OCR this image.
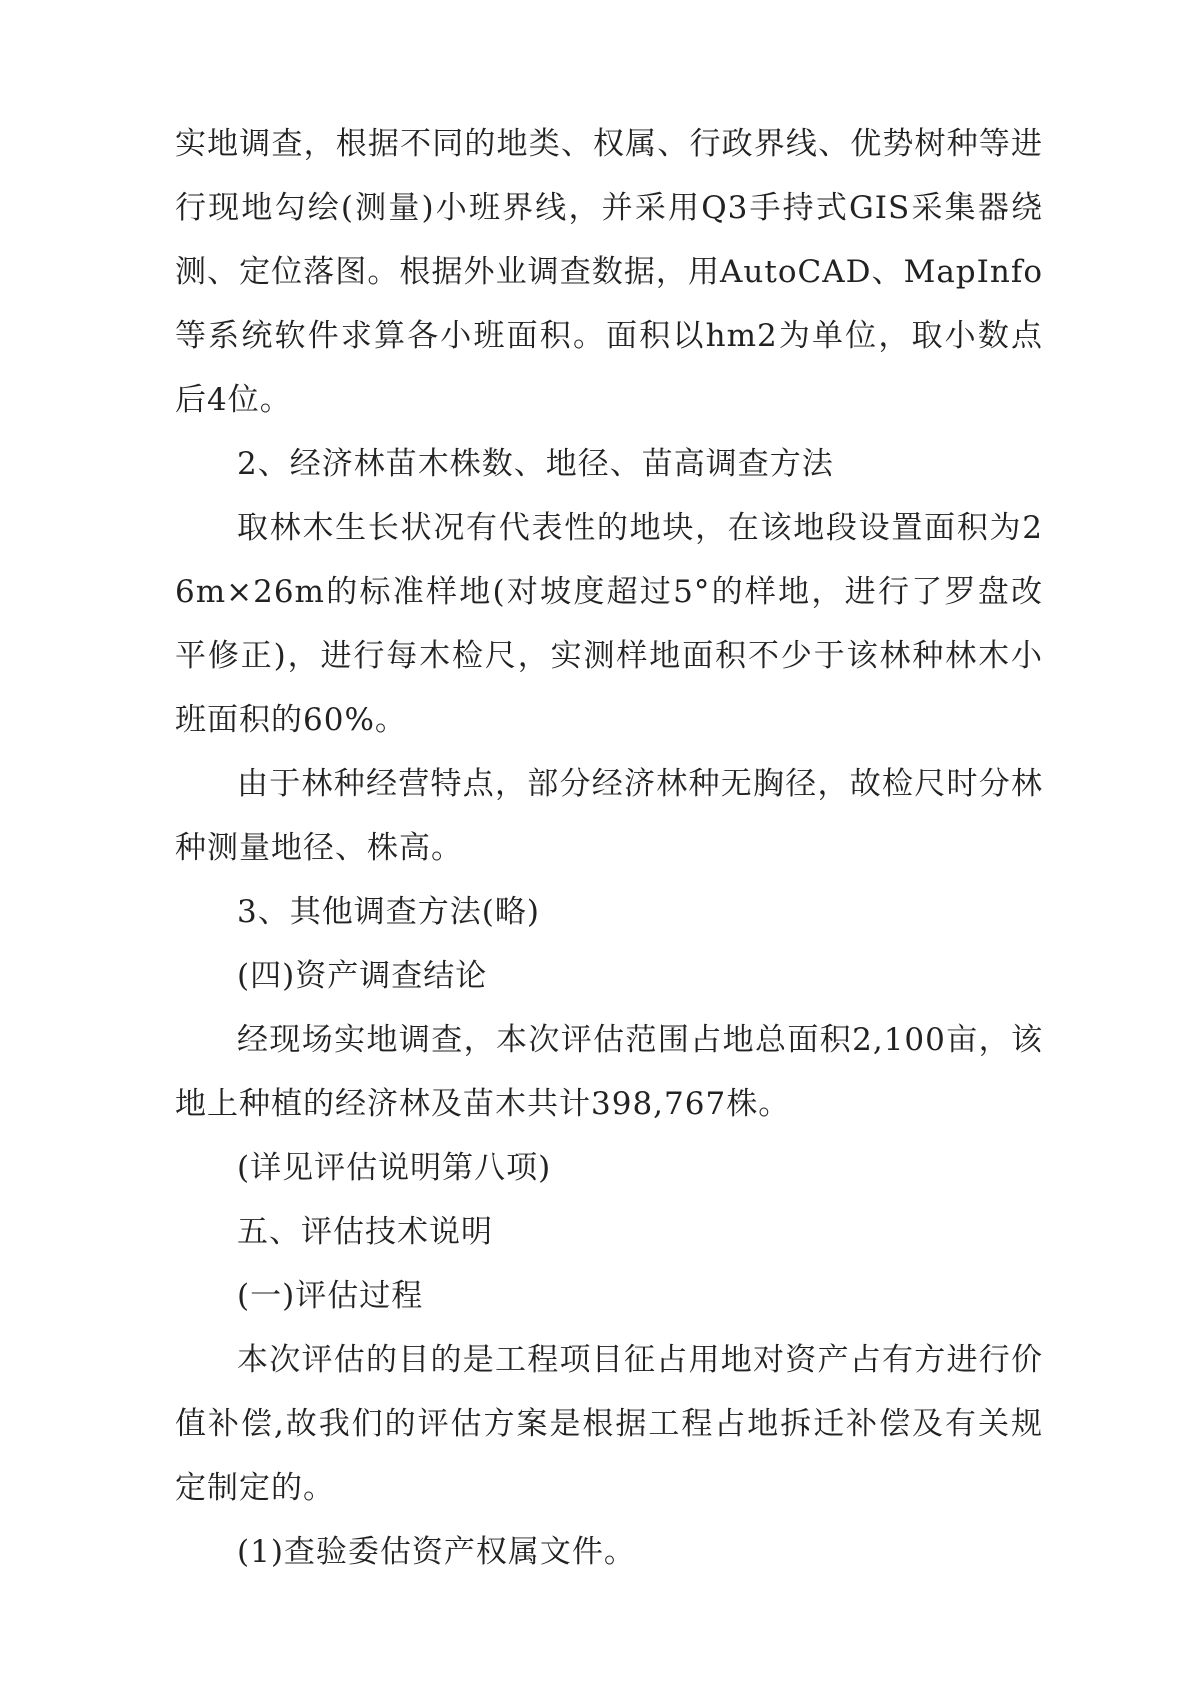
实地调查，根据不同的地类、权属、行政界线、优势树种等进行现地勾绘(测量)小班界线，并采用Q3手持式GIS采集器绕测、定位落图。根据外业调查数据，用AutoCAD、MapInfo等系统软件求算各小班面积。面积以hm2为单位，取小数点后4位。

2、经济林苗木株数、地径、苗高调查方法

取林木生长状况有代表性的地块，在该地段设置面积为26m×26m的标准样地(对坡度超过5°的样地，进行了罗盘改平修正)，进行每木检尺，实测样地面积不少于该林种林木小班面积的60%。

由于林种经营特点，部分经济林种无胸径，故检尺时分林种测量地径、株高。

3、其他调查方法(略)

(四)资产调查结论

经现场实地调查，本次评估范围占地总面积2,100亩，该地上种植的经济林及苗木共计398,767株。

(详见评估说明第八项)

五、评估技术说明

(一)评估过程

本次评估的目的是工程项目征占用地对资产占有方进行价值补偿,故我们的评估方案是根据工程占地拆迁补偿及有关规定制定的。

(1)查验委估资产权属文件。
